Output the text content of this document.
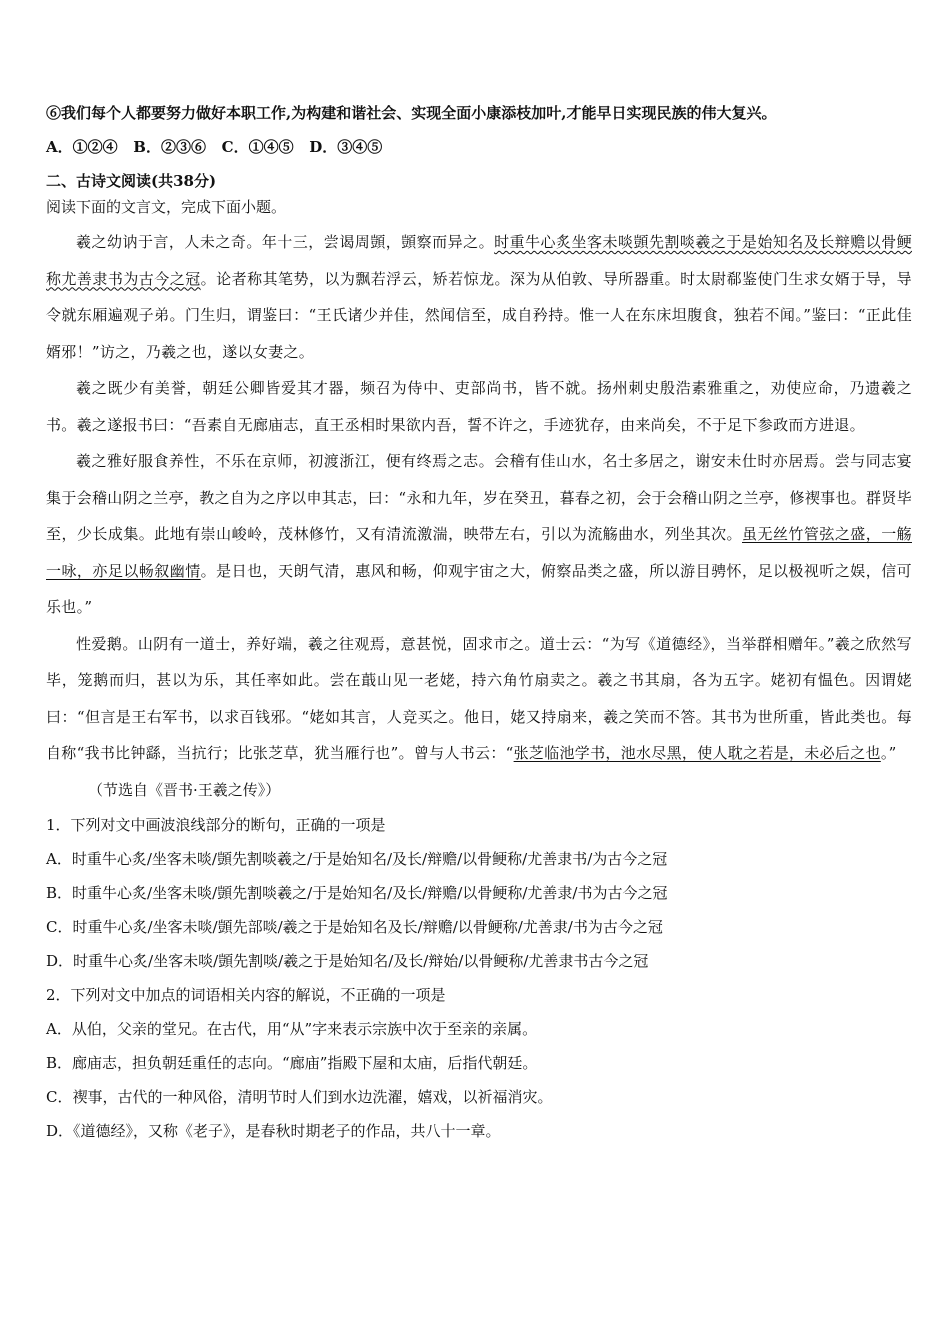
⑥我们每个人都要努力做好本职工作,为构建和谐社会、实现全面小康添枝加叶,才能早日实现民族的伟大复兴。
A．①②④   B．②③⑥   C．①④⑤   D．③④⑤
二、古诗文阅读(共38分)
阅读下面的文言文，完成下面小题。

羲之幼讷于言，人未之奇。年十三，尝谒周顗，顗察而异之。时重牛心炙坐客未啖顗先割啖羲之于是始知名及长辩赡以骨鲠称尤善隶书为古今之冠。论者称其笔势，以为飘若浮云，矫若惊龙。深为从伯敦、导所器重。时太尉郗鉴使门生求女婿于导，导令就东厢遍观子弟。门生归，谓鉴曰：“王氏诸少并佳，然闻信至，成自矜持。惟一人在东床坦腹食，独若不闻。”鉴曰：“正此佳婿邪！”访之，乃羲之也，遂以女妻之。

羲之既少有美誉，朝廷公卿皆爱其才器，频召为侍中、吏部尚书，皆不就。扬州刺史殷浩素雅重之，劝使应命，乃遗羲之书。羲之遂报书曰：“吾素自无廊庙志，直王丞相时果欲内吾，誓不许之，手迹犹存，由来尚矣，不于足下参政而方进退。

羲之雅好服食养性，不乐在京师，初渡浙江，便有终焉之志。会稽有佳山水，名士多居之，谢安未仕时亦居焉。尝与同志宴集于会稽山阴之兰亭，教之自为之序以申其志，曰：“永和九年，岁在癸丑，暮春之初，会于会稽山阴之兰亭，修禊事也。群贤毕至，少长成集。此地有崇山峻岭，茂林修竹，又有清流激湍，映带左右，引以为流觞曲水，列坐其次。虽无丝竹管弦之盛，一觞一咏，亦足以畅叙幽情。是日也，天朗气清，惠风和畅，仰观宇宙之大，俯察品类之盛，所以游目骋怀，足以极视听之娱，信可乐也。”

性爱鹅。山阴有一道士，养好端，羲之往观焉，意甚悦，固求市之。道士云：“为写《道德经》，当举群相赠年。”羲之欣然写毕，笼鹅而归，甚以为乐，其任率如此。尝在蕺山见一老姥，持六角竹扇卖之。羲之书其扇，各为五字。姥初有愠色。因谓姥曰：“但言是王右军书，以求百钱邪。“姥如其言，人竞买之。他日，姥又持扇来，羲之笑而不答。其书为世所重，皆此类也。每自称“我书比钟繇，当抗行；比张芝草，犹当雁行也”。曾与人书云：“张芝临池学书，池水尽黑，使人耽之若是，未必后之也。”

（节选自《晋书·王羲之传》）
1．下列对文中画波浪线部分的断句，正确的一项是
A．时重牛心炙/坐客未啖/顗先割啖羲之/于是始知名/及长/辩赡/以骨鲠称/尤善隶书/为古今之冠
B．时重牛心炙/坐客未啖/顗先割啖羲之/于是始知名/及长/辩赡/以骨鲠称/尤善隶/书为古今之冠
C．时重牛心炙/坐客未啖/顗先部啖/羲之于是始知名及长/辩赡/以骨鲠称/尤善隶/书为古今之冠
D．时重牛心炙/坐客未啖/顗先割啖/羲之于是始知名/及长/辩始/以骨鲠称/尤善隶书古今之冠
2．下列对文中加点的词语相关内容的解说，不正确的一项是
A．从伯，父亲的堂兄。在古代，用“从”字来表示宗族中次于至亲的亲属。
B．廊庙志，担负朝廷重任的志向。“廊庙”指殿下屋和太庙，后指代朝廷。
C．禊事，古代的一种风俗，清明节时人们到水边洗濯，嬉戏，以祈福消灾。
D．《道德经》，又称《老子》，是春秋时期老子的作品，共八十一章。
